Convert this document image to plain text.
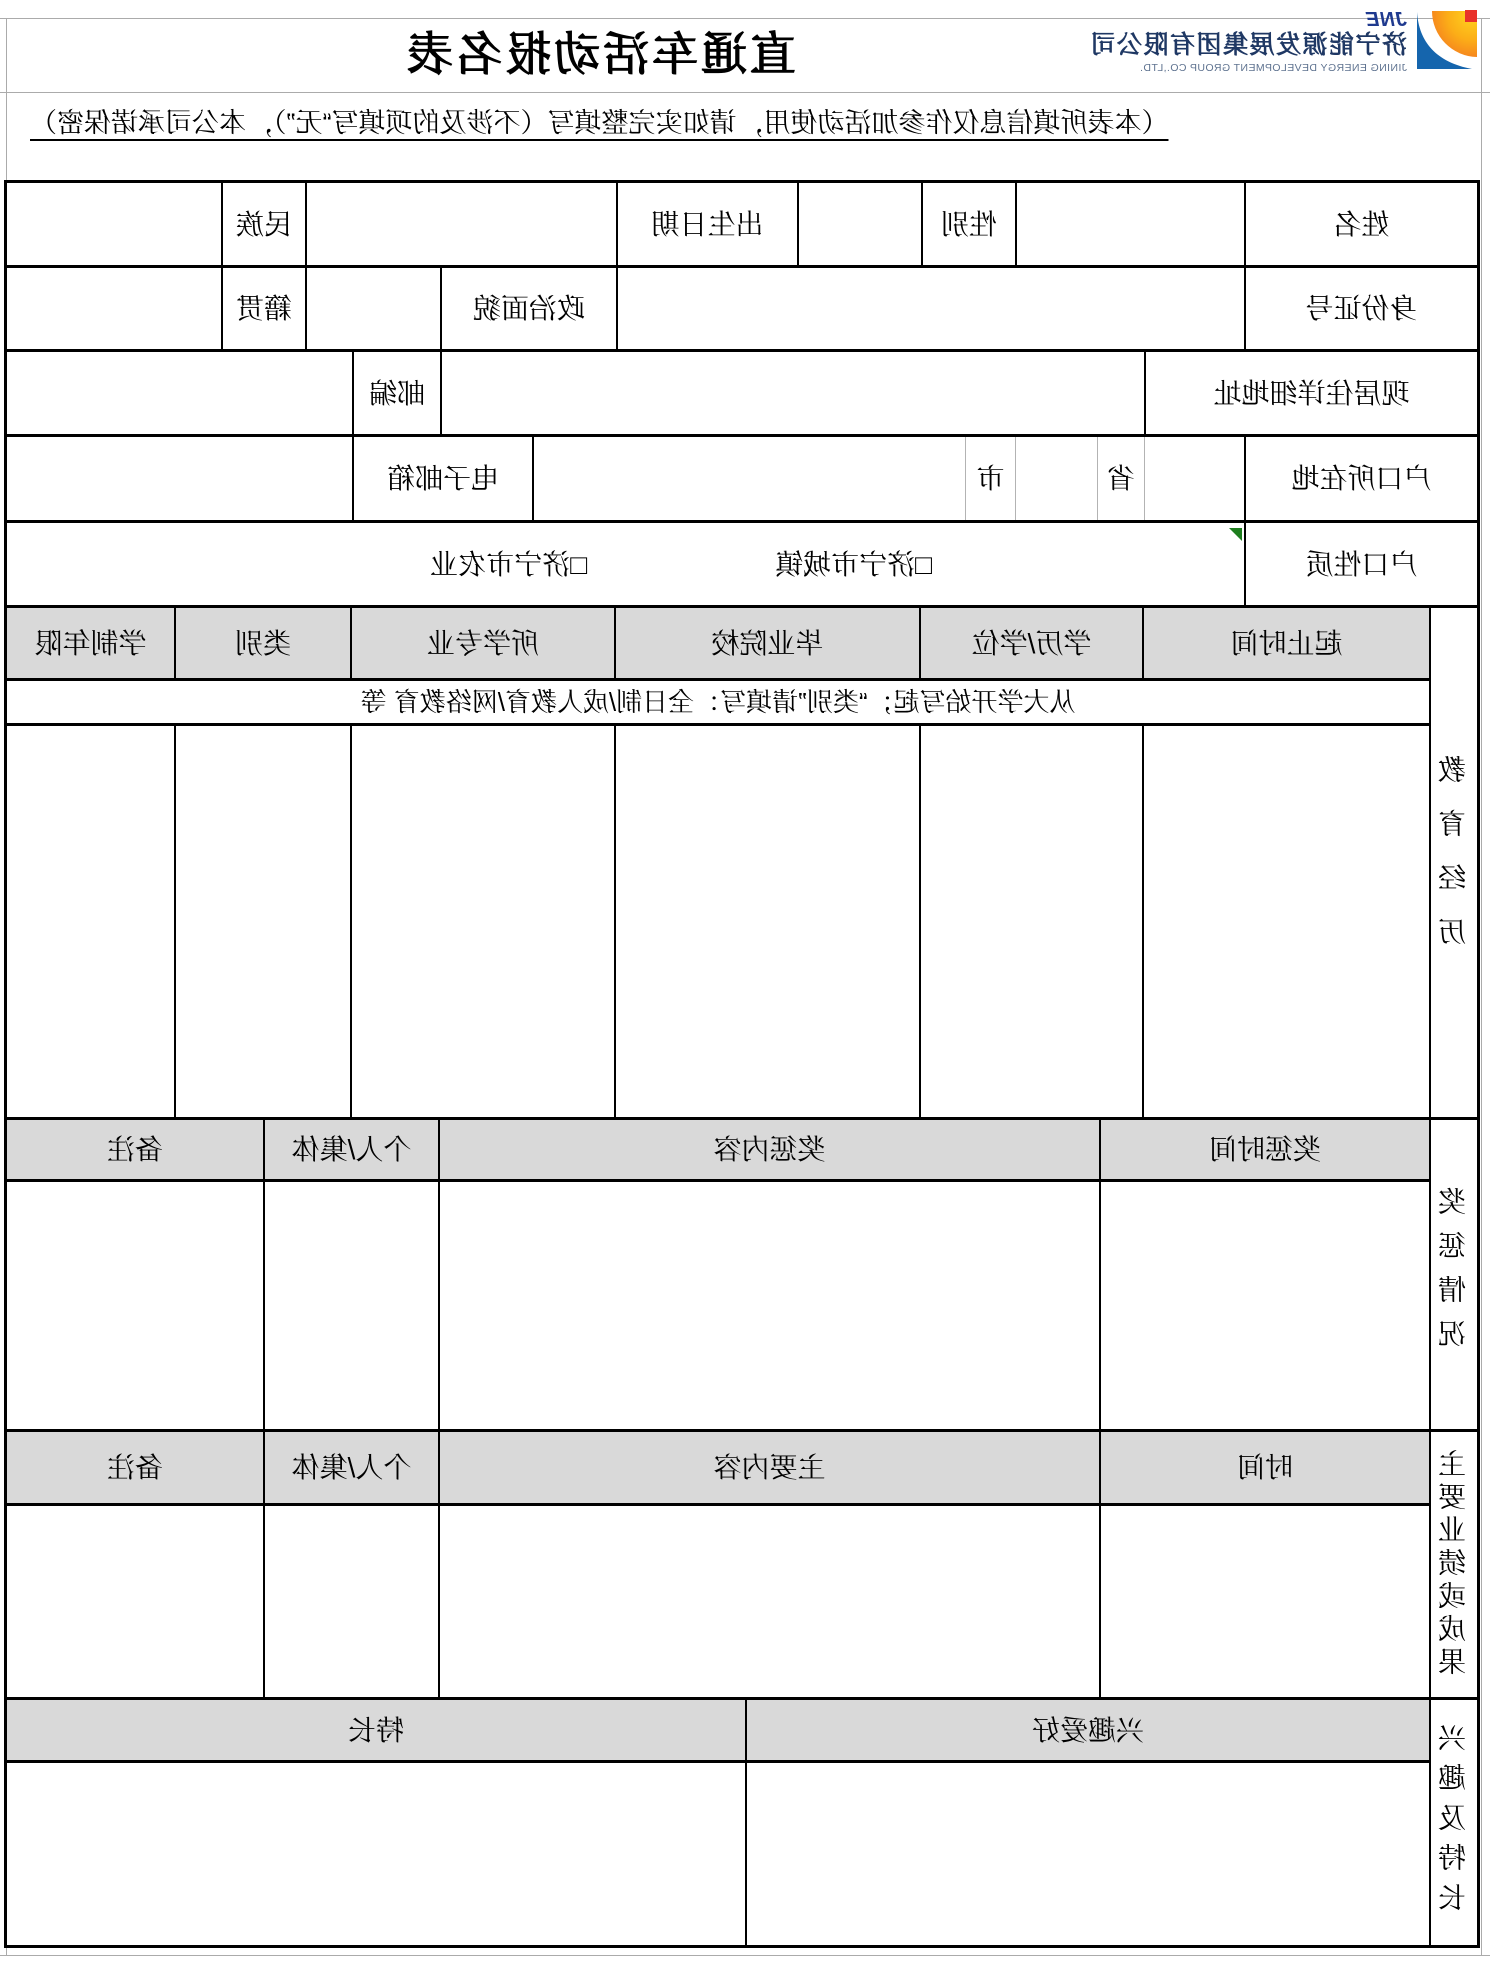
JNE
济宁能源发展集团有限公司
JINING ENERGY DEVELOPMENT GROUP CO.,LTD.
直通车活动报名表
（本表所填信息仅作参加活动使用，请如实完整填写（不涉及的项填写“无”），本公司承诺保密）
姓名
性别
出生日期
民族
身份证号
政治面貌
籍贯
现居住详细地址
邮编
户口所在地
省
市
电子邮箱
户口性质
□济宁市城镇
□济宁市农业
教育经历
起止时间
学历/学位
毕业院校
所学专业
类别
学制年限
从大学开始写起；“类别”请填写：全日制/成人教育/网络教育 等
奖惩情况
奖惩时间
奖惩内容
个人/集体
备注
主要业绩或成果
时间
主要内容
个人/集体
备注
兴趣及特长
兴趣爱好
特长
